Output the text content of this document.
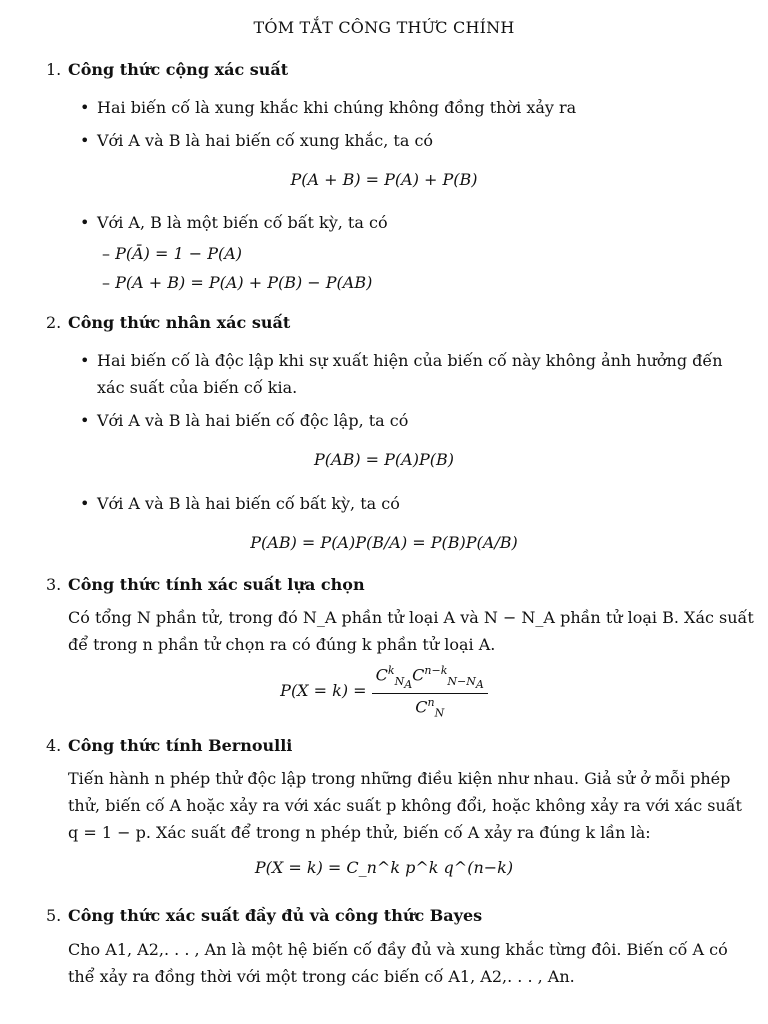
TÓM TẮT CÔNG THỨC CHÍNH
1. Công thức cộng xác suất
• Hai biến cố là xung khắc khi chúng không đồng thời xảy ra
• Với A và B là hai biến cố xung khắc, ta có
P(A + B) = P(A) + P(B)
• Với A, B là một biến cố bất kỳ, ta có
– P(Ā) = 1 − P(A)
– P(A + B) = P(A) + P(B) − P(AB)
2. Công thức nhân xác suất
• Hai biến cố là độc lập khi sự xuất hiện của biến cố này không ảnh hưởng đến
xác suất của biến cố kia.
• Với A và B là hai biến cố độc lập, ta có
P(AB) = P(A)P(B)
• Với A và B là hai biến cố bất kỳ, ta có
P(AB) = P(A)P(B/A) = P(B)P(A/B)
3. Công thức tính xác suất lựa chọn
Có tổng N phần tử, trong đó N_A phần tử loại A và N − N_A phần tử loại B. Xác suất
để trong n phần tử chọn ra có đúng k phần tử loại A.
$P(X = k) = \frac{C^k_{N_A}C^{n-k}_{N-N_A}}{C^n_N}$
4. Công thức tính Bernoulli
Tiến hành n phép thử độc lập trong những điều kiện như nhau. Giả sử ở mỗi phép
thử, biến cố A hoặc xảy ra với xác suất p không đổi, hoặc không xảy ra với xác suất
q = 1 − p. Xác suất để trong n phép thử, biến cố A xảy ra đúng k lần là:
P(X = k) = C_n^k p^k q^(n−k)
5. Công thức xác suất đầy đủ và công thức Bayes
Cho A1, A2,. . . , An là một hệ biến cố đầy đủ và xung khắc từng đôi. Biến cố A có
thể xảy ra đồng thời với một trong các biến cố A1, A2,. . . , An.
